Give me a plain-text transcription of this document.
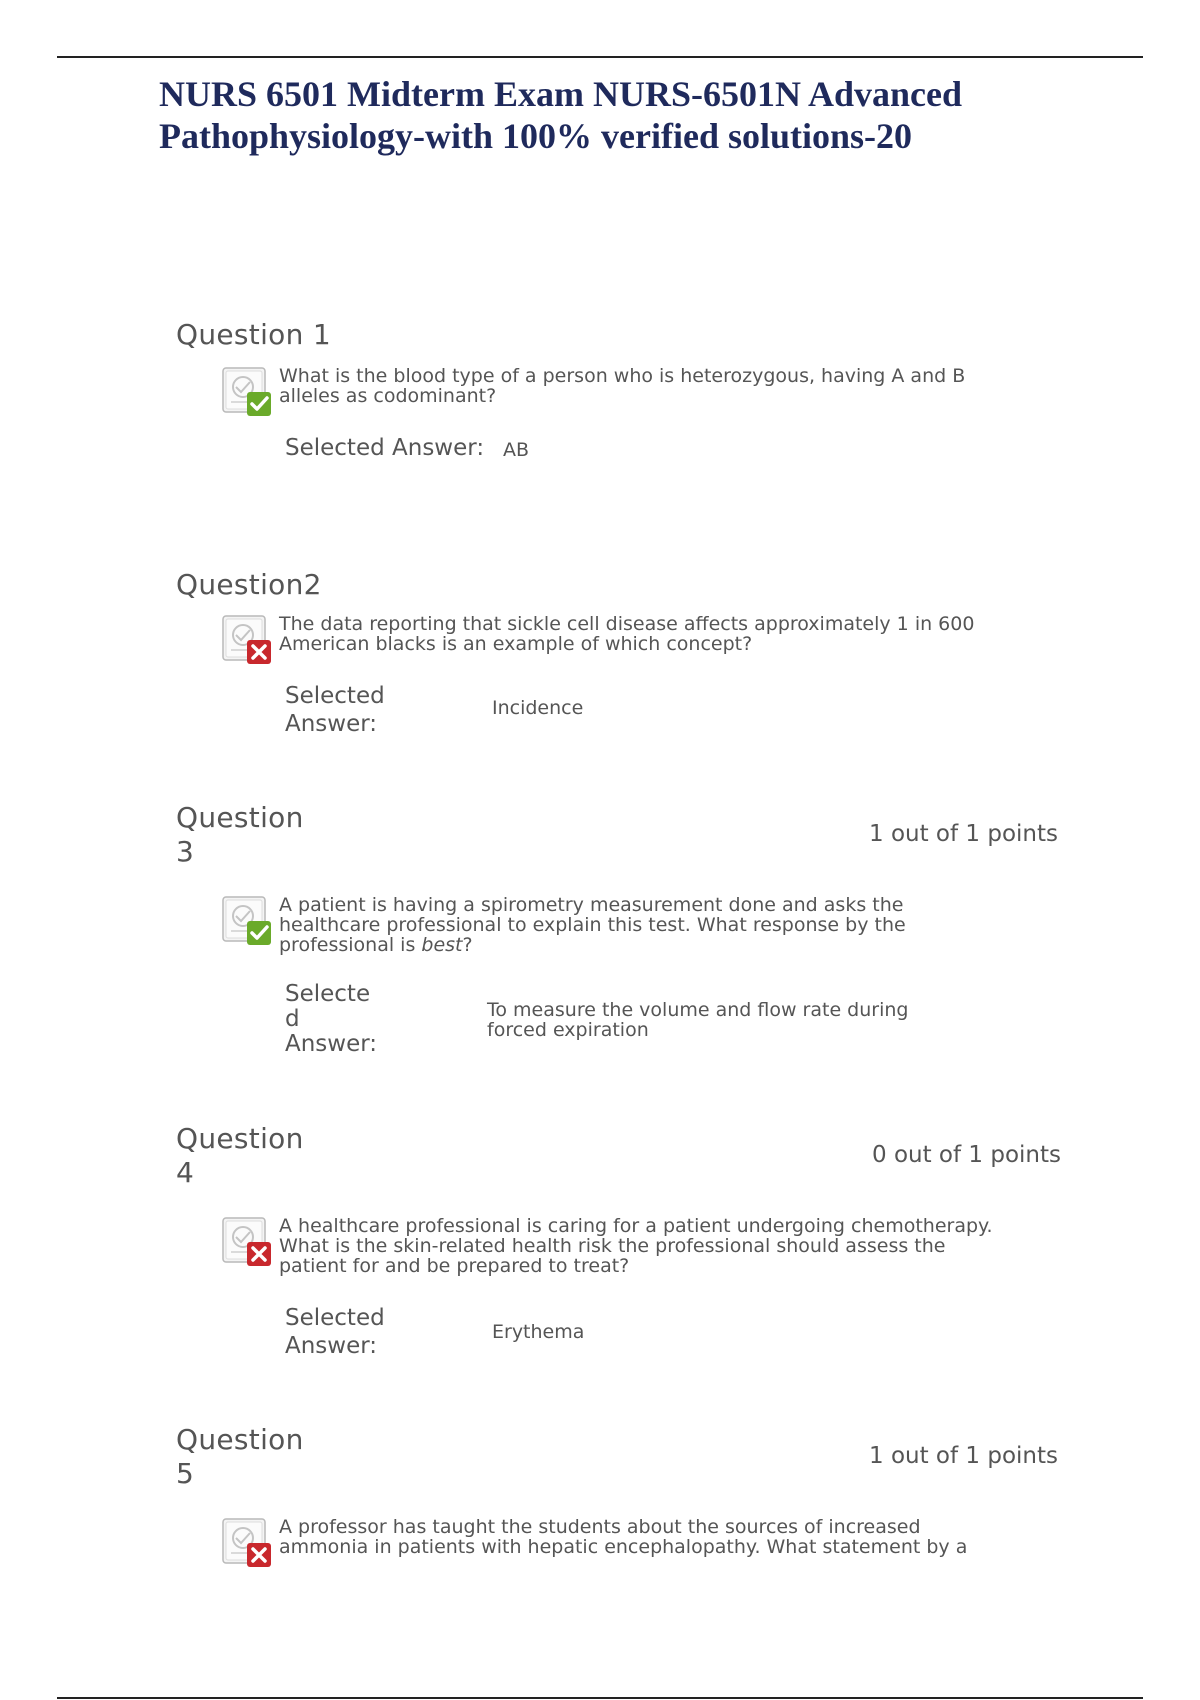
NURS 6501 Midterm Exam NURS-6501N Advanced
Pathophysiology-with 100% verified solutions-20
Question 1
What is the blood type of a person who is heterozygous, having A and B
alleles as codominant?
Selected Answer: AB
Question2
The data reporting that sickle cell disease affects approximately 1 in 600
American blacks is an example of which concept?
Selected
Answer:
Incidence
Question
3
1 out of 1 points
A patient is having a spirometry measurement done and asks the
healthcare professional to explain this test. What response by the
professional is best?
Selecte
d
Answer:
To measure the volume and flow rate during
forced expiration
Question
4
0 out of 1 points
A healthcare professional is caring for a patient undergoing chemotherapy.
What is the skin-related health risk the professional should assess the
patient for and be prepared to treat?
Selected
Answer:
Erythema
Question
5
1 out of 1 points
A professor has taught the students about the sources of increased
ammonia in patients with hepatic encephalopathy. What statement by a
